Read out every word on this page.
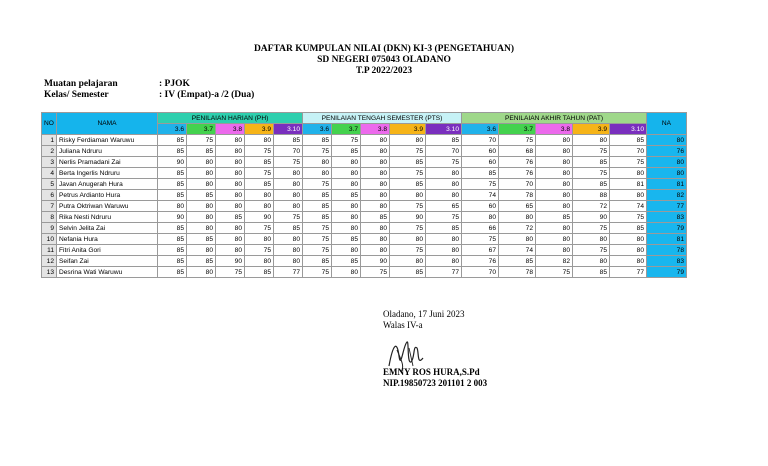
DAFTAR KUMPULAN NILAI (DKN) KI-3 (PENGETAHUAN)
SD NEGERI 075043 OLADANO
T.P 2022/2023
Muatan pelajaran	: PJOK
Kelas/ Semester	: IV (Empat)-a /2 (Dua)
NO	NAMA	PENILAIAN HARIAN (PH)					PENILAIAN TENGAH SEMESTER (PTS)					PENILAIAN AKHIR TAHUN (PAT)					NA
		3.6	3.7	3.8	3.9	3.10	3.6	3.7	3.8	3.9	3.10	3.6	3.7	3.8	3.9	3.10	
1	Risky Ferdiaman Waruwu	85	75	80	80	85	85	75	80	80	85	70	75	80	80	85	80
2	Juliana Ndruru	85	85	80	75	70	75	85	80	75	70	60	68	80	75	70	76
3	Nerlis Pramadani Zai	90	80	80	85	75	80	80	80	85	75	60	76	80	85	75	80
4	Berta Ingerlis Ndruru	85	80	80	75	80	80	80	80	75	80	85	76	80	75	80	80
5	Javan Anugerah Hura	85	80	80	85	80	75	80	80	85	80	75	70	80	85	81	81
6	Petrus Ardianto Hura	85	85	80	80	80	85	85	80	80	80	74	78	80	88	80	82
7	Putra Oktriwan Waruwu	80	80	80	80	80	85	80	80	75	65	60	65	80	72	74	77
8	Rika Nesti Ndruru	90	80	85	90	75	85	80	85	90	75	80	80	85	90	75	83
9	Selvin Jelita Zai	85	80	80	75	85	75	80	80	75	85	66	72	80	75	85	79
10	Nefania Hura	85	85	80	80	80	75	85	80	80	80	75	80	80	80	80	81
11	Fitri Anita Gori	85	80	80	75	80	75	80	80	75	80	67	74	80	75	80	78
12	Seifan Zai	85	85	90	80	80	85	85	90	80	80	76	85	82	80	80	83
13	Desrina Wati Waruwu	85	80	75	85	77	75	80	75	85	77	70	78	75	85	77	79
Oladano, 17 Juni 2023
Walas IV-a
EMNY ROS HURA,S.Pd
NIP.19850723 201101 2 003
